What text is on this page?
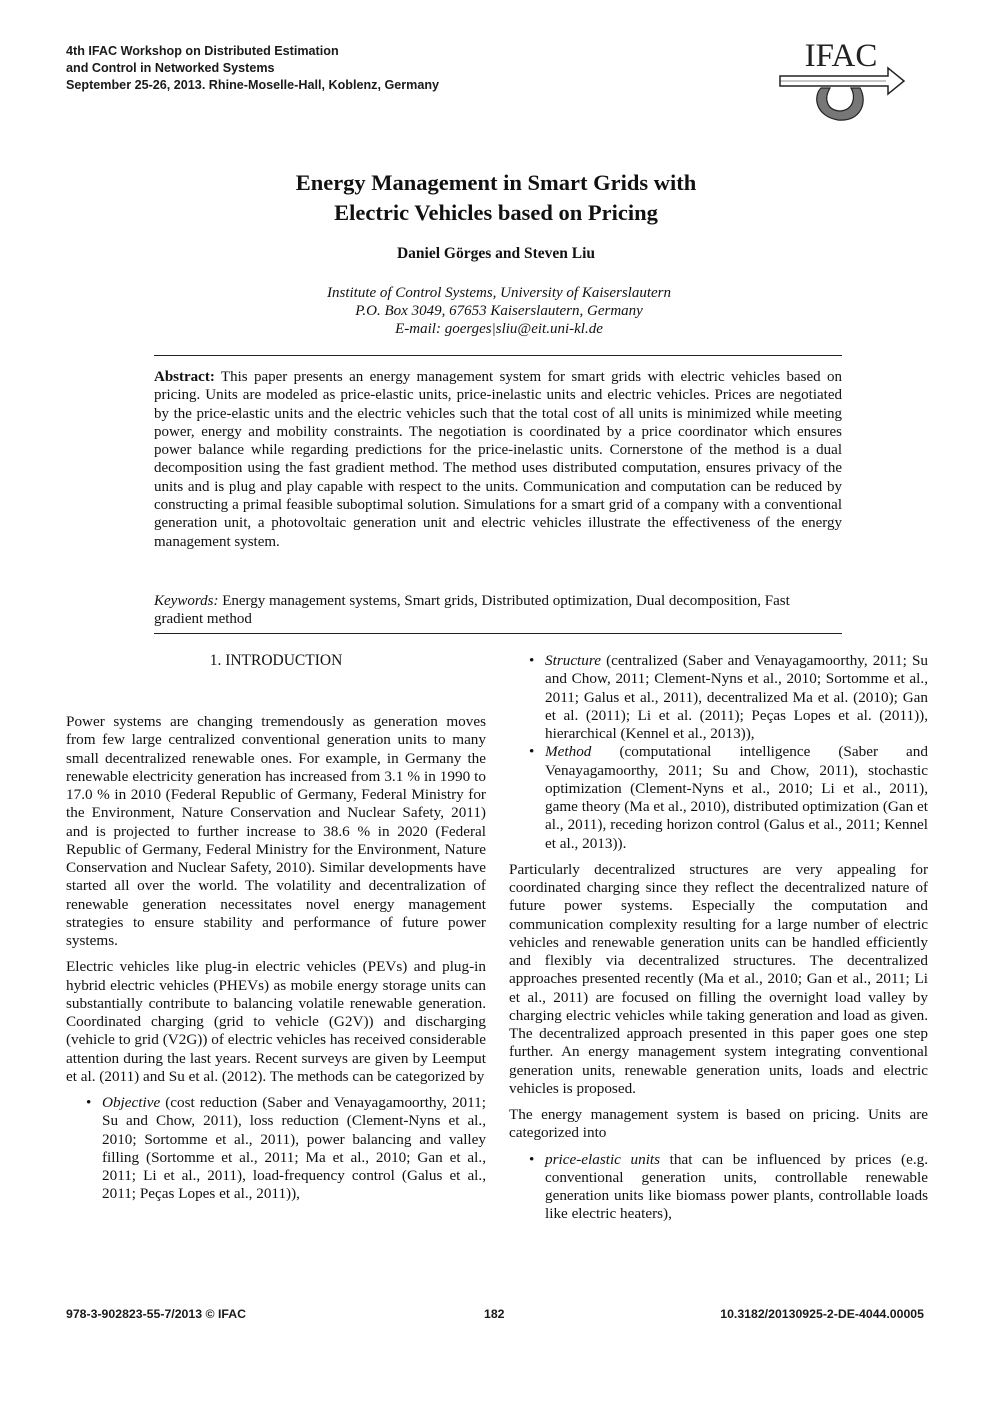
4th IFAC Workshop on Distributed Estimation
and Control in Networked Systems
September 25-26, 2013. Rhine-Moselle-Hall, Koblenz, Germany
IFAC
Energy Management in Smart Grids with
Electric Vehicles based on Pricing
Daniel Görges and Steven Liu
Institute of Control Systems, University of Kaiserslautern
P.O. Box 3049, 67653 Kaiserslautern, Germany
E-mail: goerges|sliu@eit.uni-kl.de
Abstract: This paper presents an energy management system for smart grids with electric vehicles based on pricing. Units are modeled as price-elastic units, price-inelastic units and electric vehicles. Prices are negotiated by the price-elastic units and the electric vehicles such that the total cost of all units is minimized while meeting power, energy and mobility constraints. The negotiation is coordinated by a price coordinator which ensures power balance while regarding predictions for the price-inelastic units. Cornerstone of the method is a dual decomposition using the fast gradient method. The method uses distributed computation, ensures privacy of the units and is plug and play capable with respect to the units. Communication and computation can be reduced by constructing a primal feasible suboptimal solution. Simulations for a smart grid of a company with a conventional generation unit, a photovoltaic generation unit and electric vehicles illustrate the effectiveness of the energy management system.
Keywords: Energy management systems, Smart grids, Distributed optimization, Dual decomposition, Fast gradient method
1. INTRODUCTION

Power systems are changing tremendously as generation moves from few large centralized conventional generation units to many small decentralized renewable ones. For example, in Germany the renewable electricity generation has increased from 3.1 % in 1990 to 17.0 % in 2010 (Federal Republic of Germany, Federal Ministry for the Environment, Nature Conservation and Nuclear Safety, 2011) and is projected to further increase to 38.6 % in 2020 (Federal Republic of Germany, Federal Ministry for the Environment, Nature Conservation and Nuclear Safety, 2010). Similar developments have started all over the world. The volatility and decentralization of renewable generation necessitates novel energy management strategies to ensure stability and performance of future power systems.

Electric vehicles like plug-in electric vehicles (PEVs) and plug-in hybrid electric vehicles (PHEVs) as mobile energy storage units can substantially contribute to balancing volatile renewable generation. Coordinated charging (grid to vehicle (G2V)) and discharging (vehicle to grid (V2G)) of electric vehicles has received considerable attention during the last years. Recent surveys are given by Leemput et al. (2011) and Su et al. (2012). The methods can be categorized by

• Objective (cost reduction (Saber and Venayagamoorthy, 2011; Su and Chow, 2011), loss reduction (Clement-Nyns et al., 2010; Sortomme et al., 2011), power balancing and valley filling (Sortomme et al., 2011; Ma et al., 2010; Gan et al., 2011; Li et al., 2011), load-frequency control (Galus et al., 2011; Peças Lopes et al., 2011)),
• Structure (centralized (Saber and Venayagamoorthy, 2011; Su and Chow, 2011; Clement-Nyns et al., 2010; Sortomme et al., 2011; Galus et al., 2011), decentralized Ma et al. (2010); Gan et al. (2011); Li et al. (2011); Peças Lopes et al. (2011)), hierarchical (Kennel et al., 2013)),
• Method (computational intelligence (Saber and Venayagamoorthy, 2011; Su and Chow, 2011), stochastic optimization (Clement-Nyns et al., 2010; Li et al., 2011), game theory (Ma et al., 2010), distributed optimization (Gan et al., 2011), receding horizon control (Galus et al., 2011; Kennel et al., 2013)).

Particularly decentralized structures are very appealing for coordinated charging since they reflect the decentralized nature of future power systems. Especially the computation and communication complexity resulting for a large number of electric vehicles and renewable generation units can be handled efficiently and flexibly via decentralized structures. The decentralized approaches presented recently (Ma et al., 2010; Gan et al., 2011; Li et al., 2011) are focused on filling the overnight load valley by charging electric vehicles while taking generation and load as given. The decentralized approach presented in this paper goes one step further. An energy management system integrating conventional generation units, renewable generation units, loads and electric vehicles is proposed.

The energy management system is based on pricing. Units are categorized into

• price-elastic units that can be influenced by prices (e.g. conventional generation units, controllable renewable generation units like biomass power plants, controllable loads like electric heaters),
978-3-902823-55-7/2013 © IFAC	182	10.3182/20130925-2-DE-4044.00005
